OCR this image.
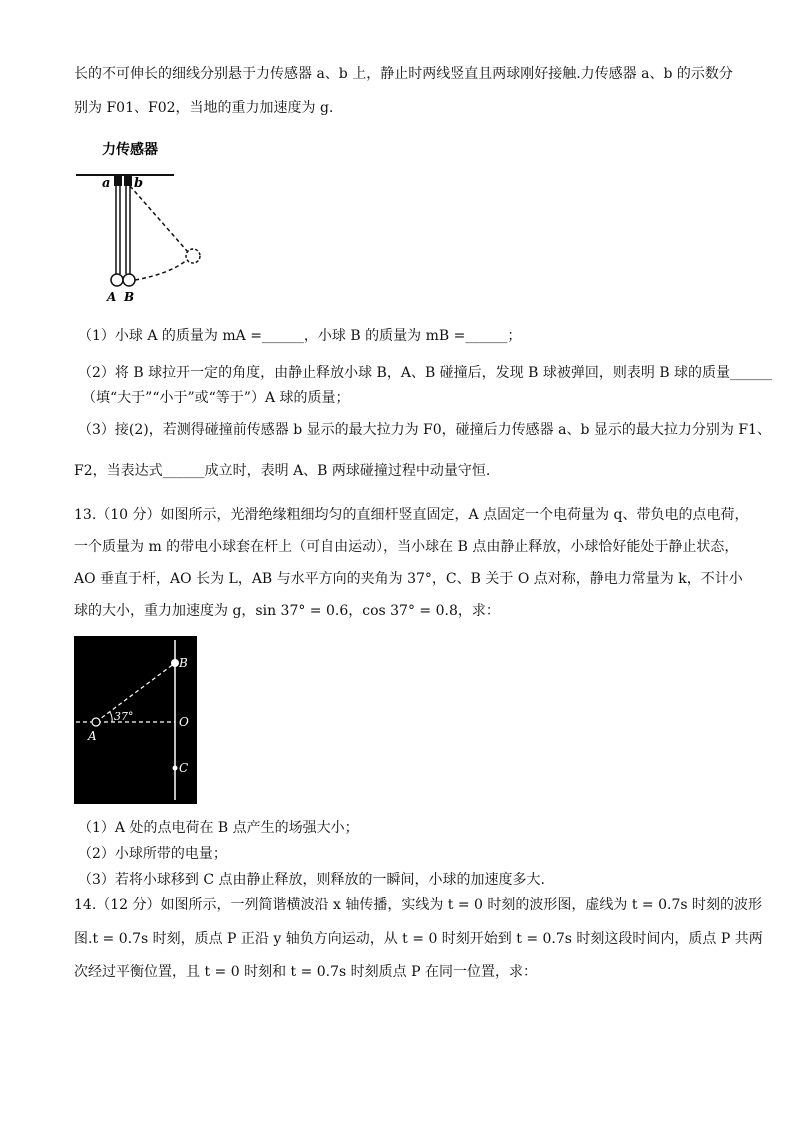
长的不可伸长的细线分别悬于力传感器 a、b 上，静止时两线竖直且两球刚好接触.力传感器 a、b 的示数分
别为 F01、F02，当地的重力加速度为 g.
力传感器
a b
A B
（1）小球 A 的质量为 mA =______，小球 B 的质量为 mB =______；
（2）将 B 球拉开一定的角度，由静止释放小球 B，A、B 碰撞后，发现 B 球被弹回，则表明 B 球的质量______
（填“大于”“小于”或“等于”）A 球的质量；
（3）接(2)，若测得碰撞前传感器 b 显示的最大拉力为 F0，碰撞后力传感器 a、b 显示的最大拉力分别为 F1、
F2，当表达式______成立时，表明 A、B 两球碰撞过程中动量守恒.
13.（10 分）如图所示，光滑绝缘粗细均匀的直细杆竖直固定，A 点固定一个电荷量为 q、带负电的点电荷，
一个质量为 m 的带电小球套在杆上（可自由运动），当小球在 B 点由静止释放，小球恰好能处于静止状态，
AO 垂直于杆，AO 长为 L，AB 与水平方向的夹角为 37°，C、B 关于 O 点对称，静电力常量为 k，不计小
球的大小，重力加速度为 g，sin 37° = 0.6，cos 37° = 0.8，求：
37°
B
O
A
C
（1）A 处的点电荷在 B 点产生的场强大小；
（2）小球所带的电量；
（3）若将小球移到 C 点由静止释放，则释放的一瞬间，小球的加速度多大.
14.（12 分）如图所示，一列简谐横波沿 x 轴传播，实线为 t = 0 时刻的波形图，虚线为 t = 0.7s 时刻的波形
图.t = 0.7s 时刻，质点 P 正沿 y 轴负方向运动，从 t = 0 时刻开始到 t = 0.7s 时刻这段时间内，质点 P 共两
次经过平衡位置，且 t = 0 时刻和 t = 0.7s 时刻质点 P 在同一位置，求：
